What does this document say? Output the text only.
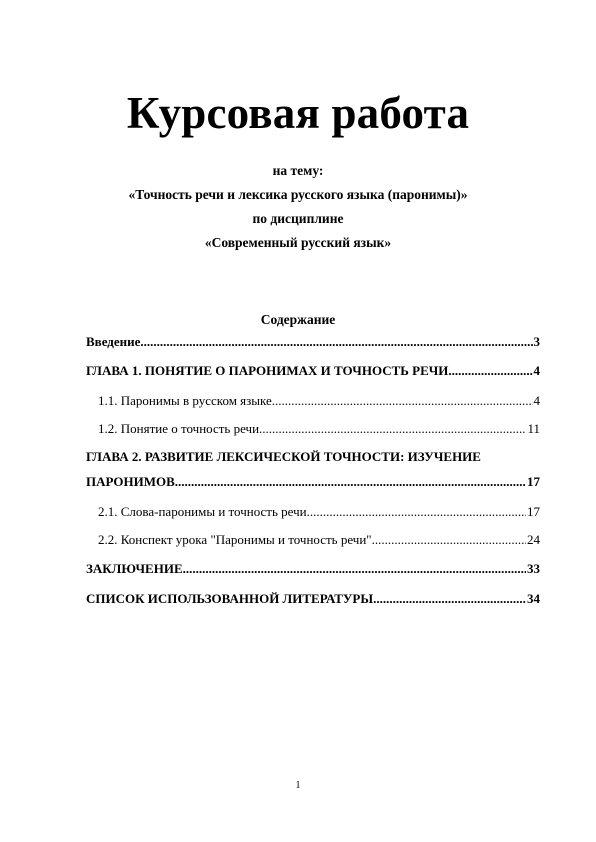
Курсовая работа
на тему:
«Точность речи и лексика русского языка (паронимы)»
по дисциплине
«Современный русский язык»
Содержание
Введение .....	3
ГЛАВА 1. ПОНЯТИЕ О ПАРОНИМАХ И ТОЧНОСТЬ РЕЧИ .....	4
1.1. Паронимы в русском языке .....	4
1.2. Понятие о точность речи .....	11
ГЛАВА 2. РАЗВИТИЕ ЛЕКСИЧЕСКОЙ ТОЧНОСТИ: ИЗУЧЕНИЕ
ПАРОНИМОВ .....	17
2.1. Слова-паронимы и точность речи .....	17
2.2. Конспект урока "Паронимы и точность речи" .....	24
ЗАКЛЮЧЕНИЕ .....	33
СПИСОК ИСПОЛЬЗОВАННОЙ ЛИТЕРАТУРЫ .....	34
1
